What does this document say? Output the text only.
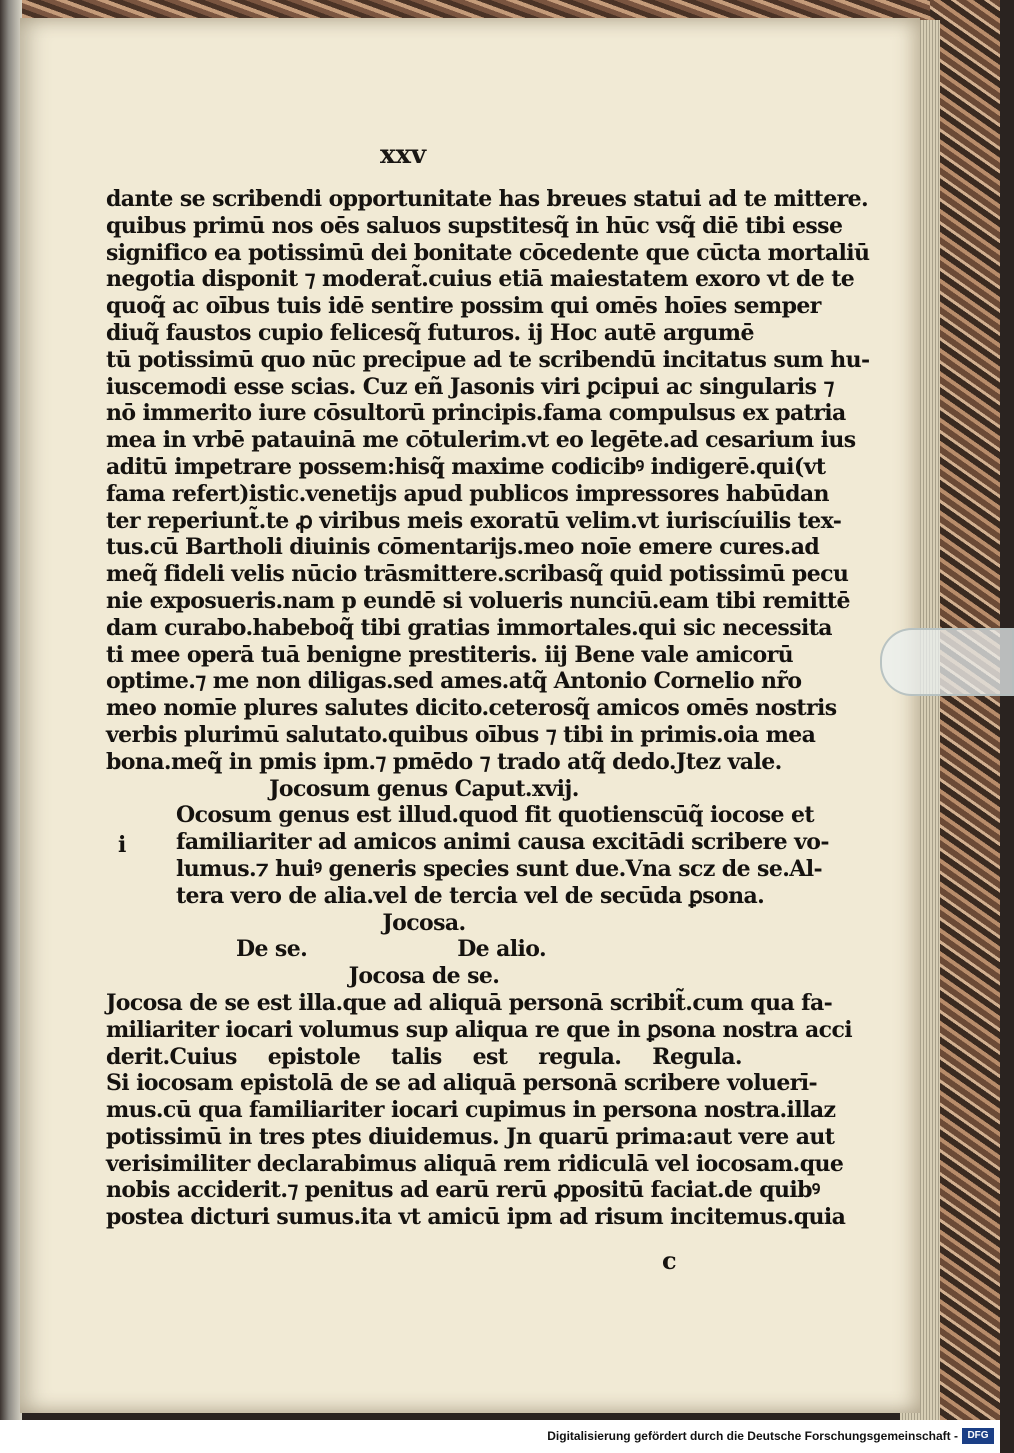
xxv
dante se scribendi opportunitate has breues statui ad te mittere.
quibus primū nos oēs saluos supstitesq̃ in hūc vsq̃ diē tibi esse
significo ea potissimū dei bonitate cōcedente que cūcta mortaliū
negotia disponit ⁊ moderat̃.cuius etiā maiestatem exoro vt de te
quoq̃ ac oībus tuis idē sentire possim qui omēs hoīes semper
diuq̃ faustos cupio felicesq̃ futuros. ij Hoc autē argumē
tū potissimū quo nūc precipue ad te scribendū incitatus sum hu-
iuscemodi esse scias. Cuz eñ Jasonis viri ꝑcipui ac singularis ⁊
nō immerito iure cōsultorū principis.fama compulsus ex patria
mea in vrbē patauinā me cōtulerim.vt eo legēte.ad cesarium ius
aditū impetrare possem:hisq̃ maxime codicibꝰ indigerē.qui(vt
fama refert)istic.venetijs apud publicos impressores habūdan
ter reperiunt̃.te ꝓ viribus meis exoratū velim.vt iuriscíuilis tex-
tus.cū Bartholi diuinis cōmentarijs.meo noīe emere cures.ad
meq̃ fideli velis nūcio trāsmittere.scribasq̃ quid potissimū pecu
nie exposueris.nam p eundē si volueris nunciū.eam tibi remittē
dam curabo.habeboq̃ tibi gratias immortales.qui sic necessita
ti mee operā tuā benigne prestiteris. iij Bene vale amicorū
optime.⁊ me non diligas.sed ames.atq̃ Antonio Cornelio nr̃o
meo nomīe plures salutes dicito.ceterosq̃ amicos omēs nostris
verbis plurimū salutato.quibus oībus ⁊ tibi in primis.oia mea
bona.meq̃ in pmis ipm.⁊ pmēdo ⁊ trado atq̃ dedo.Jtez vale.
Jocosum genus Caput.xvij.
Ocosum genus est illud.quod fit quotienscūq̃ iocose et
familiariter ad amicos animi causa excitādi scribere vo-
lumus.⁊ huiꝰ generis species sunt due.Vna scz de se.Al-
tera vero de alia.vel de tercia vel de secūda ꝑsona.
Jocosa.
De se.	De alio.
Jocosa de se.
Jocosa de se est illa.que ad aliquā personā scribit̃.cum qua fa-
miliariter iocari volumus sup aliqua re que in ꝑsona nostra acci
derit.Cuius epistole talis est regula. Regula.
Si iocosam epistolā de se ad aliquā personā scribere voluerī-
mus.cū qua familiariter iocari cupimus in persona nostra.illaz
potissimū in tres ptes diuidemus. Jn quarū prima:aut vere aut
verisimiliter declarabimus aliquā rem ridiculā vel iocosam.que
nobis acciderit.⁊ penitus ad earū rerū ꝓpositū faciat.de quibꝰ
postea dicturi sumus.ita vt amicū ipm ad risum incitemus.quia
i
c
Digitalisierung gefördert durch die Deutsche Forschungsgemeinschaft - DFG
